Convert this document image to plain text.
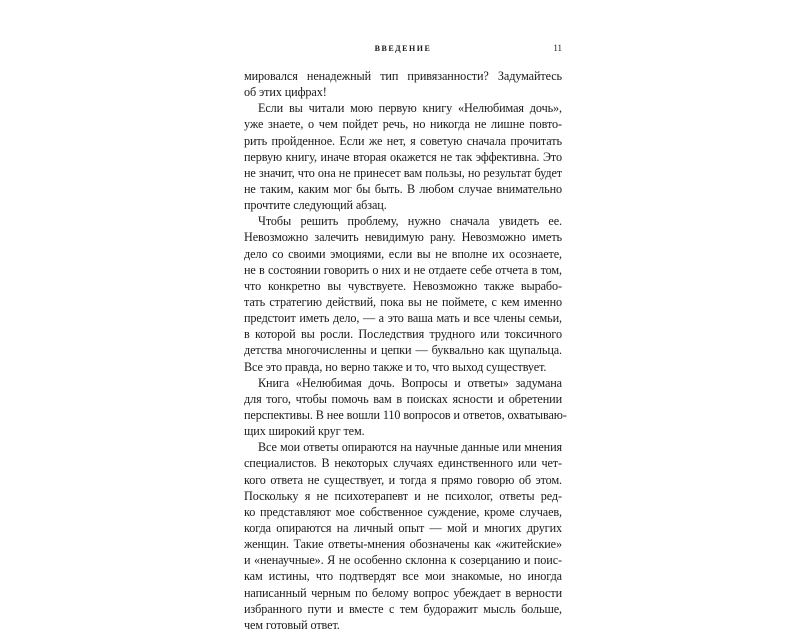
ВВЕДЕНИЕ	11
мировался ненадежный тип привязанности? Задумайтесь
об этих цифрах!
Если вы читали мою первую книгу «Нелюбимая дочь»,
уже знаете, о чем пойдет речь, но никогда не лишне повто-
рить пройденное. Если же нет, я советую сначала прочитать
первую книгу, иначе вторая окажется не так эффективна. Это
не значит, что она не принесет вам пользы, но результат будет
не таким, каким мог бы быть. В любом случае внимательно
прочтите следующий абзац.
Чтобы решить проблему, нужно сначала увидеть ее.
Невозможно залечить невидимую рану. Невозможно иметь
дело со своими эмоциями, если вы не вполне их осознаете,
не в состоянии говорить о них и не отдаете себе отчета в том,
что конкретно вы чувствуете. Невозможно также вырабо-
тать стратегию действий, пока вы не поймете, с кем именно
предстоит иметь дело, — а это ваша мать и все члены семьи,
в которой вы росли. Последствия трудного или токсичного
детства многочисленны и цепки — буквально как щупальца.
Все это правда, но верно также и то, что выход существует.
Книга «Нелюбимая дочь. Вопросы и ответы» задумана
для того, чтобы помочь вам в поисках ясности и обретении
перспективы. В нее вошли 110 вопросов и ответов, охватываю-
щих широкий круг тем.
Все мои ответы опираются на научные данные или мнения
специалистов. В некоторых случаях единственного или чет-
кого ответа не существует, и тогда я прямо говорю об этом.
Поскольку я не психотерапевт и не психолог, ответы ред-
ко представляют мое собственное суждение, кроме случаев,
когда опираются на личный опыт — мой и многих других
женщин. Такие ответы-мнения обозначены как «житейские»
и «ненаучные». Я не особенно склонна к созерцанию и поис-
кам истины, что подтвердят все мои знакомые, но иногда
написанный черным по белому вопрос убеждает в верности
избранного пути и вместе с тем будоражит мысль больше,
чем готовый ответ.
